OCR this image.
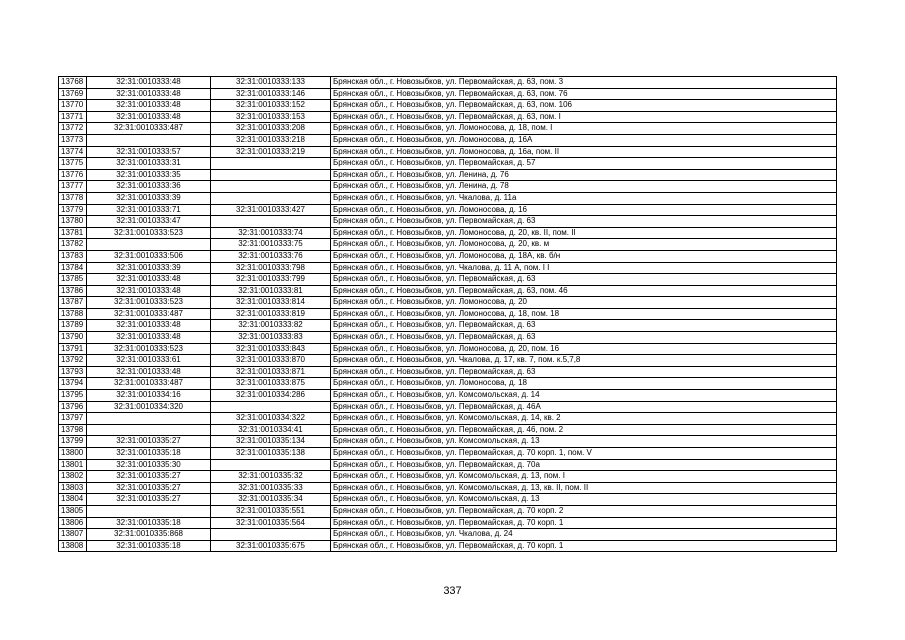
13768	32:31:0010333:48	32:31:0010333:133	Брянская обл., г. Новозыбков, ул. Первомайская, д. 63, пом. 3
13769	32:31:0010333:48	32:31:0010333:146	Брянская обл., г. Новозыбков, ул. Первомайская, д. 63, пом. 76
13770	32:31:0010333:48	32:31:0010333:152	Брянская обл., г. Новозыбков, ул. Первомайская, д. 63, пом. 106
13771	32:31:0010333:48	32:31:0010333:153	Брянская обл., г. Новозыбков, ул. Первомайская, д. 63, пом. I
13772	32:31:0010333:487	32:31:0010333:208	Брянская обл., г. Новозыбков, ул. Ломоносова, д. 18, пом. I
13773		32:31:0010333:218	Брянская обл., г. Новозыбков, ул. Ломоносова, д. 16А
13774	32:31:0010333:57	32:31:0010333:219	Брянская обл., г. Новозыбков, ул. Ломоносова, д. 16а, пом. II
13775	32:31:0010333:31		Брянская обл., г. Новозыбков, ул. Первомайская, д. 57
13776	32:31:0010333:35		Брянская обл., г. Новозыбков, ул. Ленина, д. 76
13777	32:31:0010333:36		Брянская обл., г. Новозыбков, ул. Ленина, д. 78
13778	32:31:0010333:39		Брянская обл., г. Новозыбков, ул. Чкалова, д. 11а
13779	32:31:0010333:71	32:31:0010333:427	Брянская обл., г. Новозыбков, ул. Ломоносова, д. 16
13780	32:31:0010333:47		Брянская обл., г. Новозыбков, ул. Первомайская, д. 63
13781	32:31:0010333:523	32:31:0010333:74	Брянская обл., г. Новозыбков, ул. Ломоносова, д. 20, кв. II, пом. II
13782		32:31:0010333:75	Брянская обл., г. Новозыбков, ул. Ломоносова, д. 20, кв. м
13783	32:31:0010333:506	32:31:0010333:76	Брянская обл., г. Новозыбков, ул. Ломоносова, д. 18А, кв. б/н
13784	32:31:0010333:39	32:31:0010333:798	Брянская обл., г. Новозыбков, ул. Чкалова, д. 11 А, пом. I I
13785	32:31:0010333:48	32:31:0010333:799	Брянская обл., г. Новозыбков, ул. Первомайская, д. 63
13786	32:31:0010333:48	32:31:0010333:81	Брянская обл., г. Новозыбков, ул. Первомайская, д. 63, пом. 46
13787	32:31:0010333:523	32:31:0010333:814	Брянская обл., г. Новозыбков, ул. Ломоносова, д. 20
13788	32:31:0010333:487	32:31:0010333:819	Брянская обл., г. Новозыбков, ул. Ломоносова, д. 18, пом. 18
13789	32:31:0010333:48	32:31:0010333:82	Брянская обл., г. Новозыбков, ул. Первомайская, д. 63
13790	32:31:0010333:48	32:31:0010333:83	Брянская обл., г. Новозыбков, ул. Первомайская, д. 63
13791	32:31:0010333:523	32:31:0010333:843	Брянская обл., г. Новозыбков, ул. Ломоносова, д. 20, пом. 16
13792	32:31:0010333:61	32:31:0010333:870	Брянская обл., г. Новозыбков, ул. Чкалова, д. 17, кв. 7, пом. к.5,7,8
13793	32:31:0010333:48	32:31:0010333:871	Брянская обл., г. Новозыбков, ул. Первомайская, д. 63
13794	32:31:0010333:487	32:31:0010333:875	Брянская обл., г. Новозыбков, ул. Ломоносова, д. 18
13795	32:31:0010334:16	32:31:0010334:286	Брянская обл., г. Новозыбков, ул. Комсомольская, д. 14
13796	32:31:0010334:320		Брянская обл., г. Новозыбков, ул. Первомайская, д. 46А
13797		32:31:0010334:322	Брянская обл., г. Новозыбков, ул. Комсомольская, д. 14, кв. 2
13798		32:31:0010334:41	Брянская обл., г. Новозыбков, ул. Первомайская, д. 46, пом. 2
13799	32:31:0010335:27	32:31:0010335:134	Брянская обл., г. Новозыбков, ул. Комсомольская, д. 13
13800	32:31:0010335:18	32:31:0010335:138	Брянская обл., г. Новозыбков, ул. Первомайская, д. 70 корп. 1, пом. V
13801	32:31:0010335:30		Брянская обл., г. Новозыбков, ул. Первомайская, д. 70а
13802	32:31:0010335:27	32:31:0010335:32	Брянская обл., г. Новозыбков, ул. Комсомольская, д. 13, пом. I
13803	32:31:0010335:27	32:31:0010335:33	Брянская обл., г. Новозыбков, ул. Комсомольская, д. 13, кв. II, пом. II
13804	32:31:0010335:27	32:31:0010335:34	Брянская обл., г. Новозыбков, ул. Комсомольская, д. 13
13805		32:31:0010335:551	Брянская обл., г. Новозыбков, ул. Первомайская, д. 70 корп. 2
13806	32:31:0010335:18	32:31:0010335:564	Брянская обл., г. Новозыбков, ул. Первомайская, д. 70 корп. 1
13807	32:31:0010335:868		Брянская обл., г. Новозыбков, ул. Чкалова, д. 24
13808	32:31:0010335:18	32:31:0010335:675	Брянская обл., г. Новозыбков, ул. Первомайская, д. 70 корп. 1
337
